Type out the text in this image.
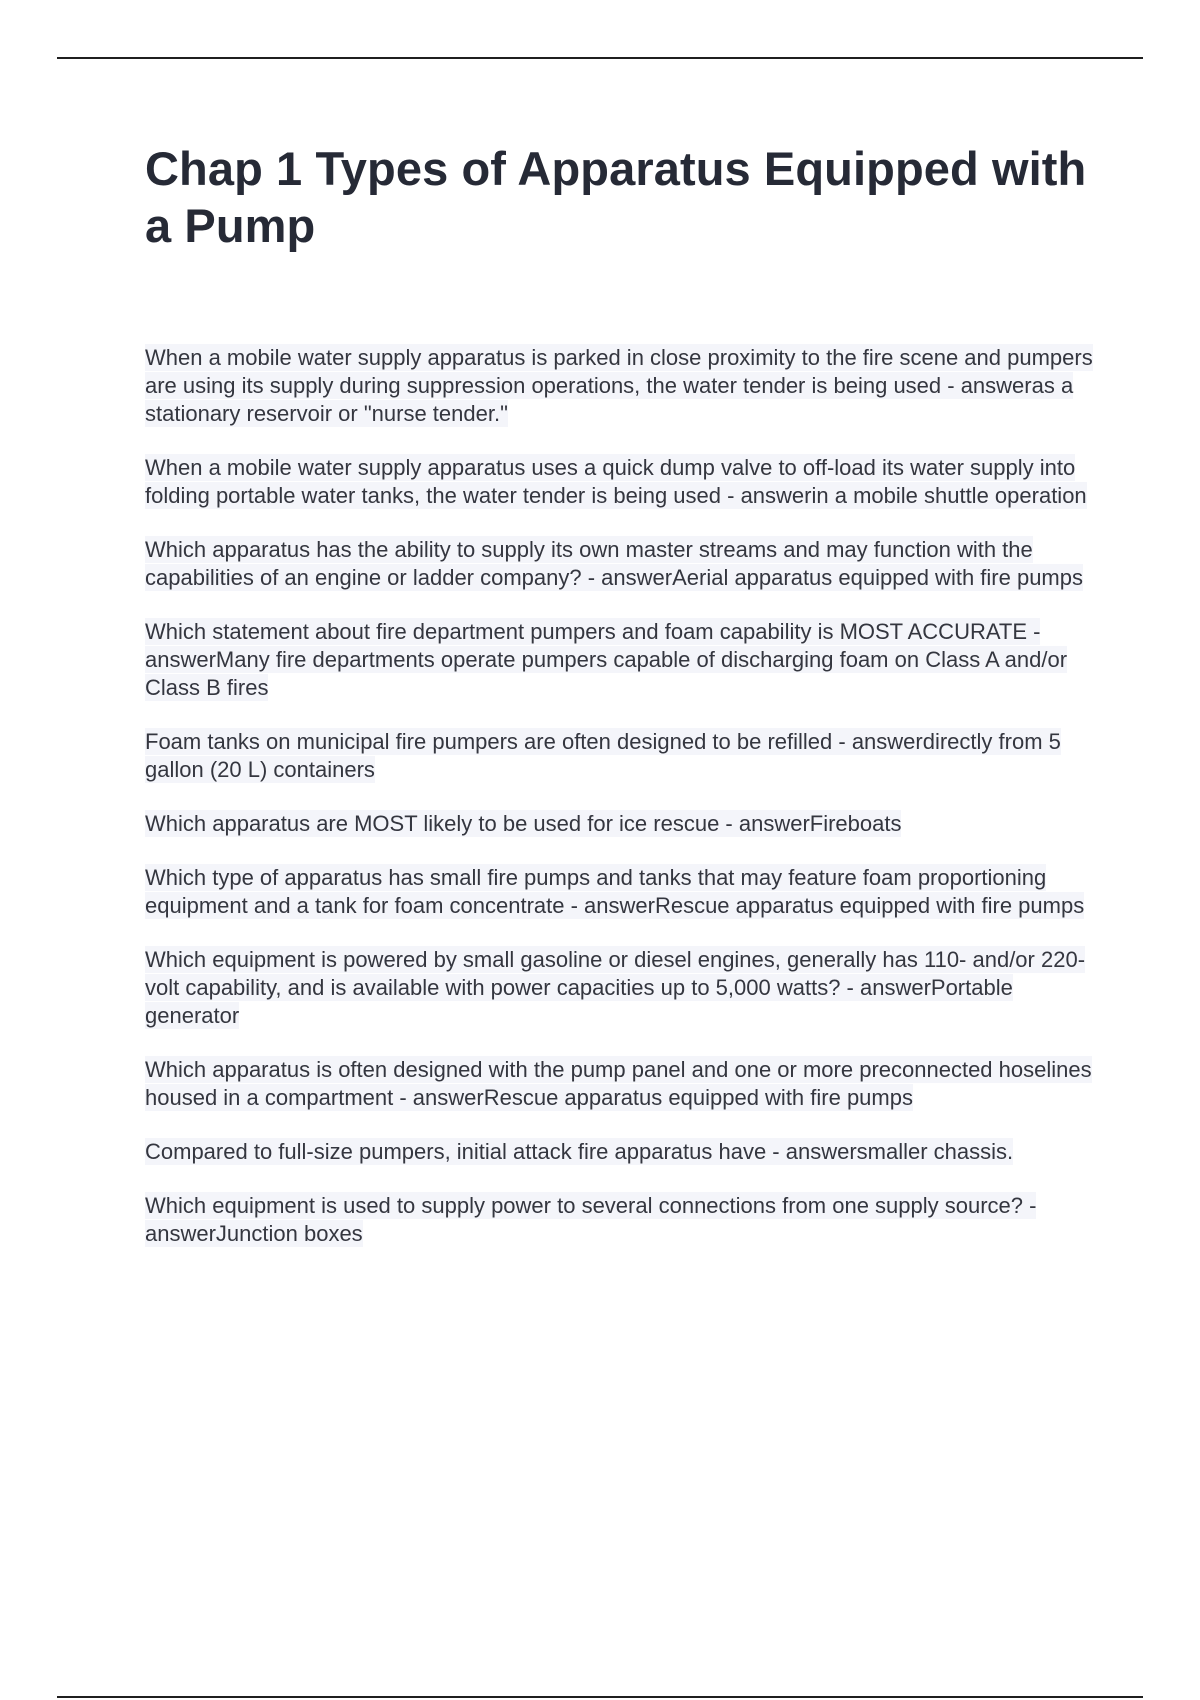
Chap 1 Types of Apparatus Equipped with a Pump

When a mobile water supply apparatus is parked in close proximity to the fire scene and pumpers are using its supply during suppression operations, the water tender is being used - answeras a stationary reservoir or "nurse tender."

When a mobile water supply apparatus uses a quick dump valve to off-load its water supply into folding portable water tanks, the water tender is being used - answerin a mobile shuttle operation

Which apparatus has the ability to supply its own master streams and may function with the capabilities of an engine or ladder company? - answerAerial apparatus equipped with fire pumps

Which statement about fire department pumpers and foam capability is MOST ACCURATE - answerMany fire departments operate pumpers capable of discharging foam on Class A and/or Class B fires

Foam tanks on municipal fire pumpers are often designed to be refilled - answerdirectly from 5 gallon (20 L) containers

Which apparatus are MOST likely to be used for ice rescue - answerFireboats

Which type of apparatus has small fire pumps and tanks that may feature foam proportioning equipment and a tank for foam concentrate - answerRescue apparatus equipped with fire pumps

Which equipment is powered by small gasoline or diesel engines, generally has 110- and/or 220-volt capability, and is available with power capacities up to 5,000 watts? - answerPortable generator

Which apparatus is often designed with the pump panel and one or more preconnected hoselines housed in a compartment - answerRescue apparatus equipped with fire pumps

Compared to full-size pumpers, initial attack fire apparatus have - answersmaller chassis.

Which equipment is used to supply power to several connections from one supply source? - answerJunction boxes
